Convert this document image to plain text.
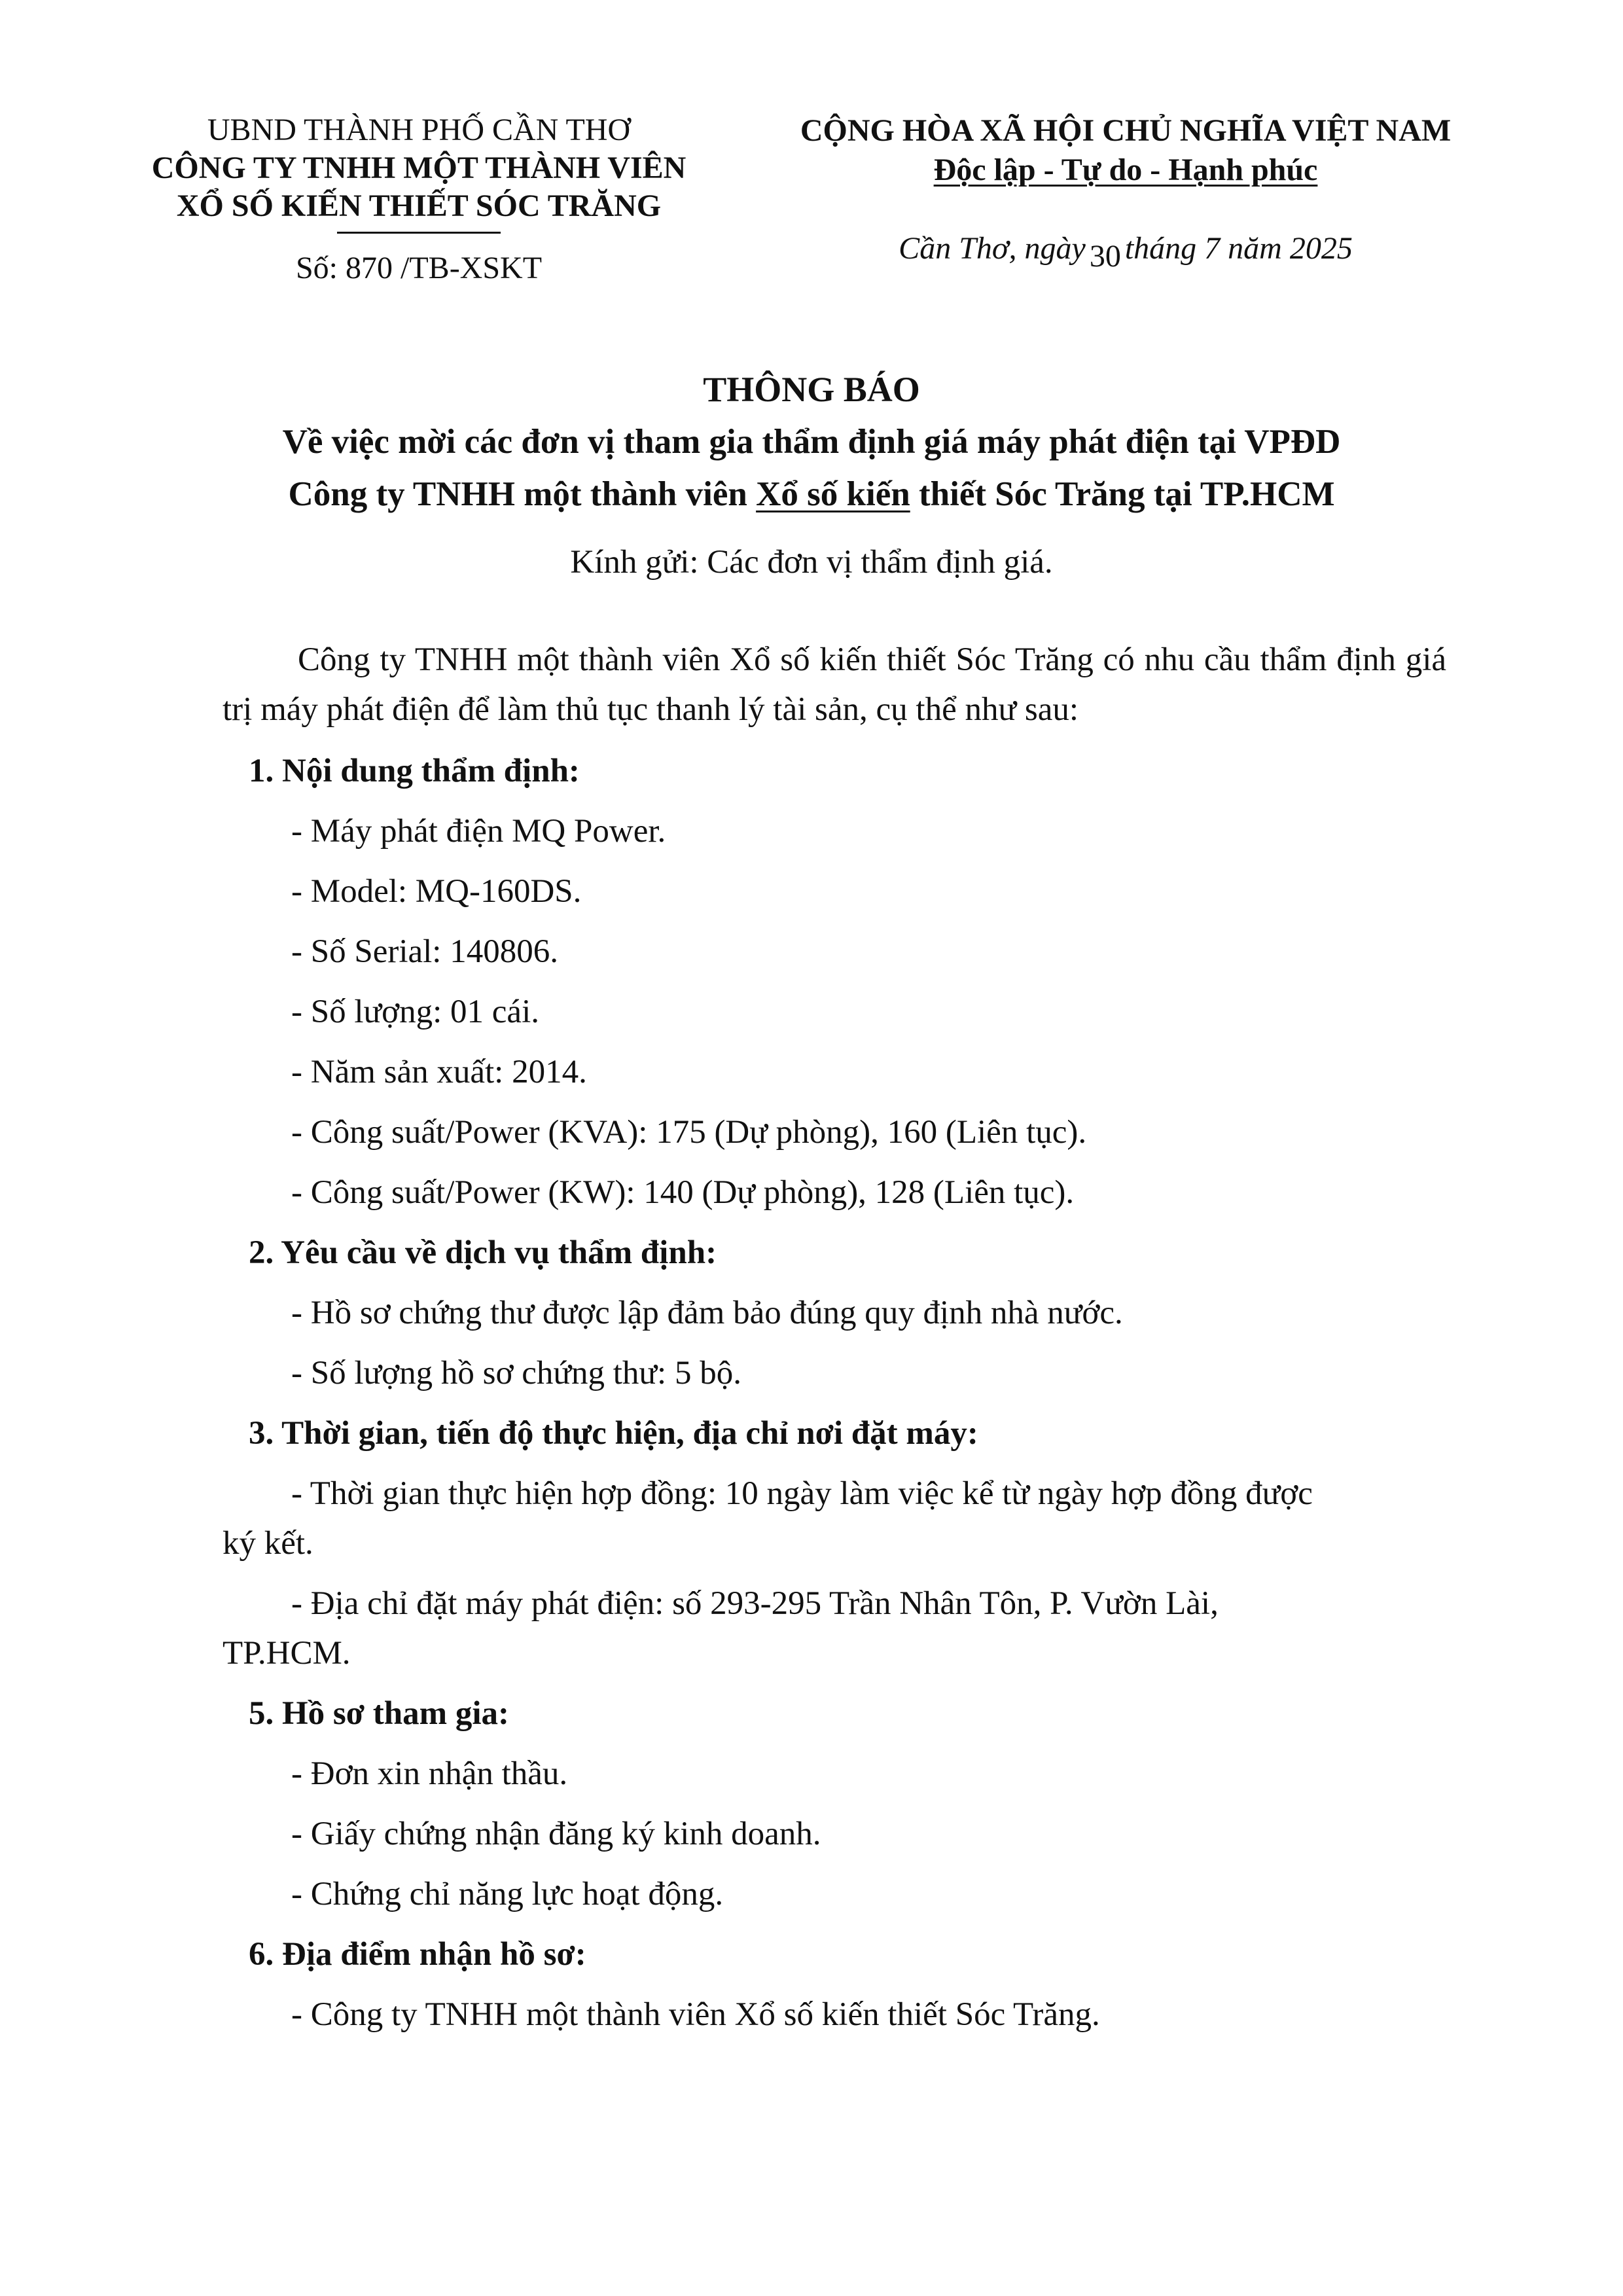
UBND THÀNH PHỐ CẦN THƠ
CÔNG TY TNHH MỘT THÀNH VIÊN
XỔ SỐ KIẾN THIẾT SÓC TRĂNG
Số: 870 /TB-XSKT
CỘNG HÒA XÃ HỘI CHỦ NGHĨA VIỆT NAM
Độc lập - Tự do - Hạnh phúc
Cần Thơ, ngày 30 tháng 7 năm 2025
THÔNG BÁO
Về việc mời các đơn vị tham gia thẩm định giá máy phát điện tại VPĐD
Công ty TNHH một thành viên Xổ số kiến thiết Sóc Trăng tại TP.HCM
Kính gửi: Các đơn vị thẩm định giá.

Công ty TNHH một thành viên Xổ số kiến thiết Sóc Trăng có nhu cầu thẩm định giá trị máy phát điện để làm thủ tục thanh lý tài sản, cụ thể như sau:

1. Nội dung thẩm định:

- Máy phát điện MQ Power.

- Model: MQ-160DS.

- Số Serial: 140806.

- Số lượng: 01 cái.

- Năm sản xuất: 2014.

- Công suất/Power (KVA): 175 (Dự phòng), 160 (Liên tục).

- Công suất/Power (KW): 140 (Dự phòng), 128 (Liên tục).

2. Yêu cầu về dịch vụ thẩm định:

- Hồ sơ chứng thư được lập đảm bảo đúng quy định nhà nước.

- Số lượng hồ sơ chứng thư: 5 bộ.

3. Thời gian, tiến độ thực hiện, địa chỉ nơi đặt máy:

- Thời gian thực hiện hợp đồng: 10 ngày làm việc kể từ ngày hợp đồng được
ký kết.

- Địa chỉ đặt máy phát điện: số 293-295 Trần Nhân Tôn, P. Vườn Lài,
TP.HCM.

5. Hồ sơ tham gia:

- Đơn xin nhận thầu.

- Giấy chứng nhận đăng ký kinh doanh.

- Chứng chỉ năng lực hoạt động.

6. Địa điểm nhận hồ sơ:

- Công ty TNHH một thành viên Xổ số kiến thiết Sóc Trăng.
